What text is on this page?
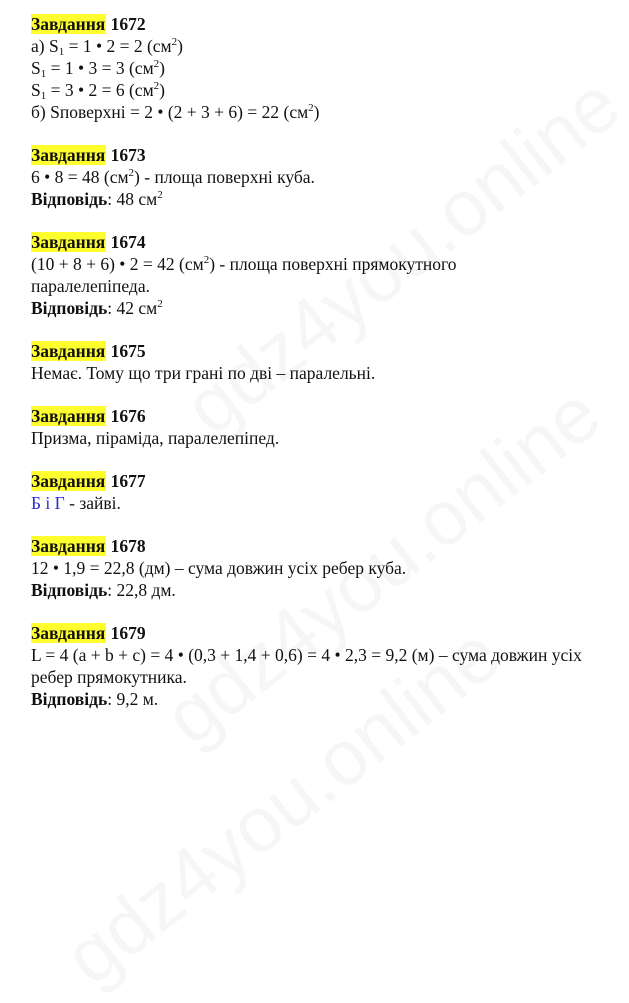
Завдання 1672
а) $S_1 = 1$ • 2 = 2 $(см^2)$
$S_1 = 1$ • 3 = 3 $(см^2)$
$S_1 = 3$ • 2 = 6 $(см^2)$
б) Sповерхні = 2 • (2 + 3 + 6) = 22 $(см^2)$
Завдання 1673
6 • 8 = 48 $(см^2)$ - площа поверхні куба.
Відповідь: 48 $см^2$
Завдання 1674
(10 + 8 + 6) • 2 = 42 $(см^2)$ - площа поверхні прямокутного паралелепіпеда.
Відповідь: 42 $см^2$
Завдання 1675
Немає. Тому що три грані по дві – паралельні.
Завдання 1676
Призма, піраміда, паралелепіпед.
Завдання 1677
Б і Г - зайві.
Завдання 1678
12 • 1,9 = 22,8 (дм) – сума довжин усіх ребер куба.
Відповідь: 22,8 дм.
Завдання 1679
L = 4 (a + b + c) = 4 • (0,3 + 1,4 + 0,6) = 4 • 2,3 = 9,2 (м) – сума довжин усіх ребер прямокутника.
Відповідь: 9,2 м.
